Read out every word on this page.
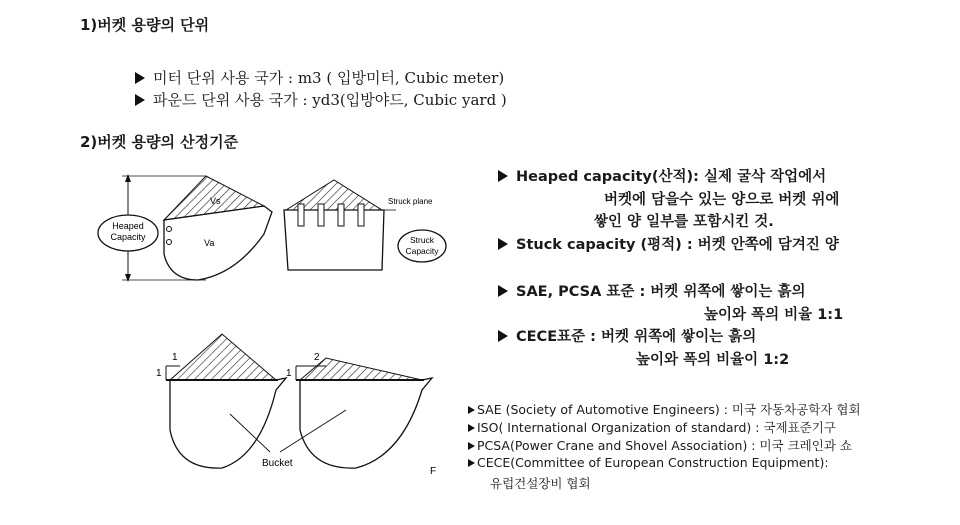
1)버켓 용량의 단위
미터 단위 사용 국가 : m3 ( 입방미터, Cubic meter)
파운드 단위 사용 국가 : yd3(입방야드, Cubic yard )
2)버켓 용량의 산정기준
Heaped
Capacity
Vs
Va
Struck plane
Struck
Capacity
1
1
2
1
Bucket
F
Heaped capacity(산적): 실제 굴삭 작업에서
버켓에 담을수 있는 양으로 버켓 위에
쌓인 양 일부를 포함시킨 것.
Stuck capacity (평적) : 버켓 안쪽에 담겨진 양
SAE, PCSA 표준 : 버켓 위쪽에 쌓이는 흙의
높이와 폭의 비율 1:1
CECE표준 : 버켓 위쪽에 쌓이는 흙의
높이와 폭의 비율이 1:2
SAE (Society of Automotive Engineers) : 미국 자동차공학자 협회
ISO( International Organization of standard) : 국제표준기구
PCSA(Power Crane and Shovel Association) : 미국 크레인과 쇼
CECE(Committee of European Construction Equipment):
유럽건설장비 협회
